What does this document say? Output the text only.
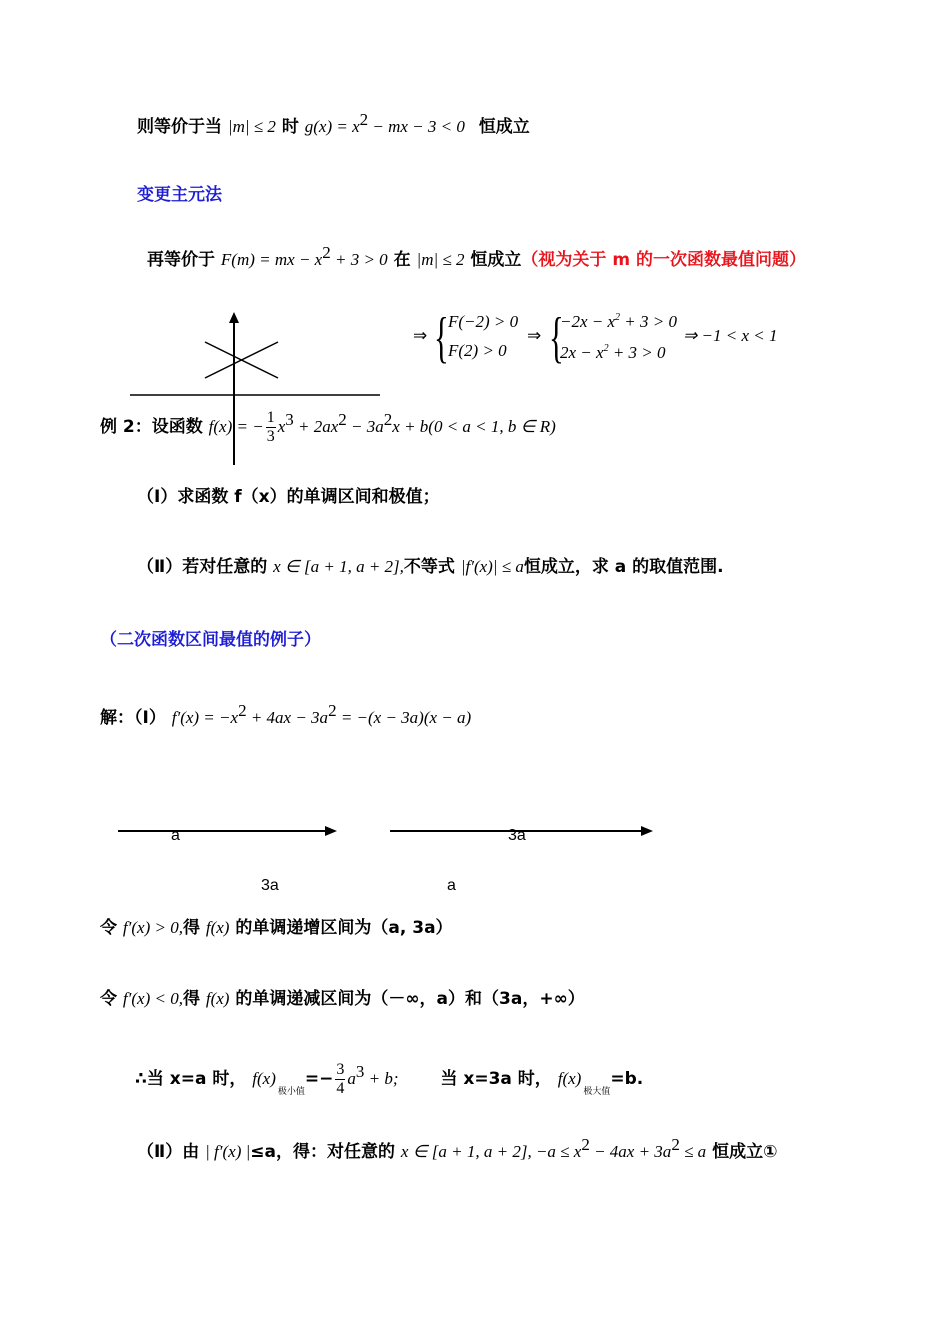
则等价于当 |m| ≤ 2 时 $g(x) = x^2$ − mx − 3 < 0 恒成立
变更主元法
再等价于 F(m) = mx − $x^2 + 3 > 0$ 在 |m| ≤ 2 恒成立（视为关于 m 的一次函数最值问题）
⇒ { F(−2) > 0
F(2) > 0
⇒ {
$-2x - x^2 + 3 > 0$
$2x - x^2 + 3 > 0$
⇒ −1 < x < 1
例 2：设函数 f(x) = − $\frac{1}{3} x^3 + 2ax^2 - 3a^2x + b(0 < a < 1$, b ∈ R)
（Ⅰ）求函数 f（x）的单调区间和极值；
（Ⅱ）若对任意的 x ∈ [a + 1, a + 2],不等式 |f′(x)| ≤ a恒成立，求 a 的取值范围.
（二次函数区间最值的例子）
解：（Ⅰ） $f'(x) = -x^2 + 4ax - 3a^2 = -(x - 3a)(x - a)$
a
3a
3a
a
令 f′(x) > 0,得 f(x) 的单调递增区间为（a, 3a）
令 f′(x) < 0,得 f(x) 的单调递减区间为（－∞，a）和（3a，+∞）
∴当 x=a 时， $f(x)_{极小值}=- \frac{3}{4} a^3 + b$; 当 x=3a 时， $f(x)_{极大值}=b$.
（Ⅱ）由 | f′(x) |≤a，得：对任意的 x ∈ [a + 1, a + 2], $-a \le x^2 - 4ax + 3a^2 \le a$ 恒成立①
